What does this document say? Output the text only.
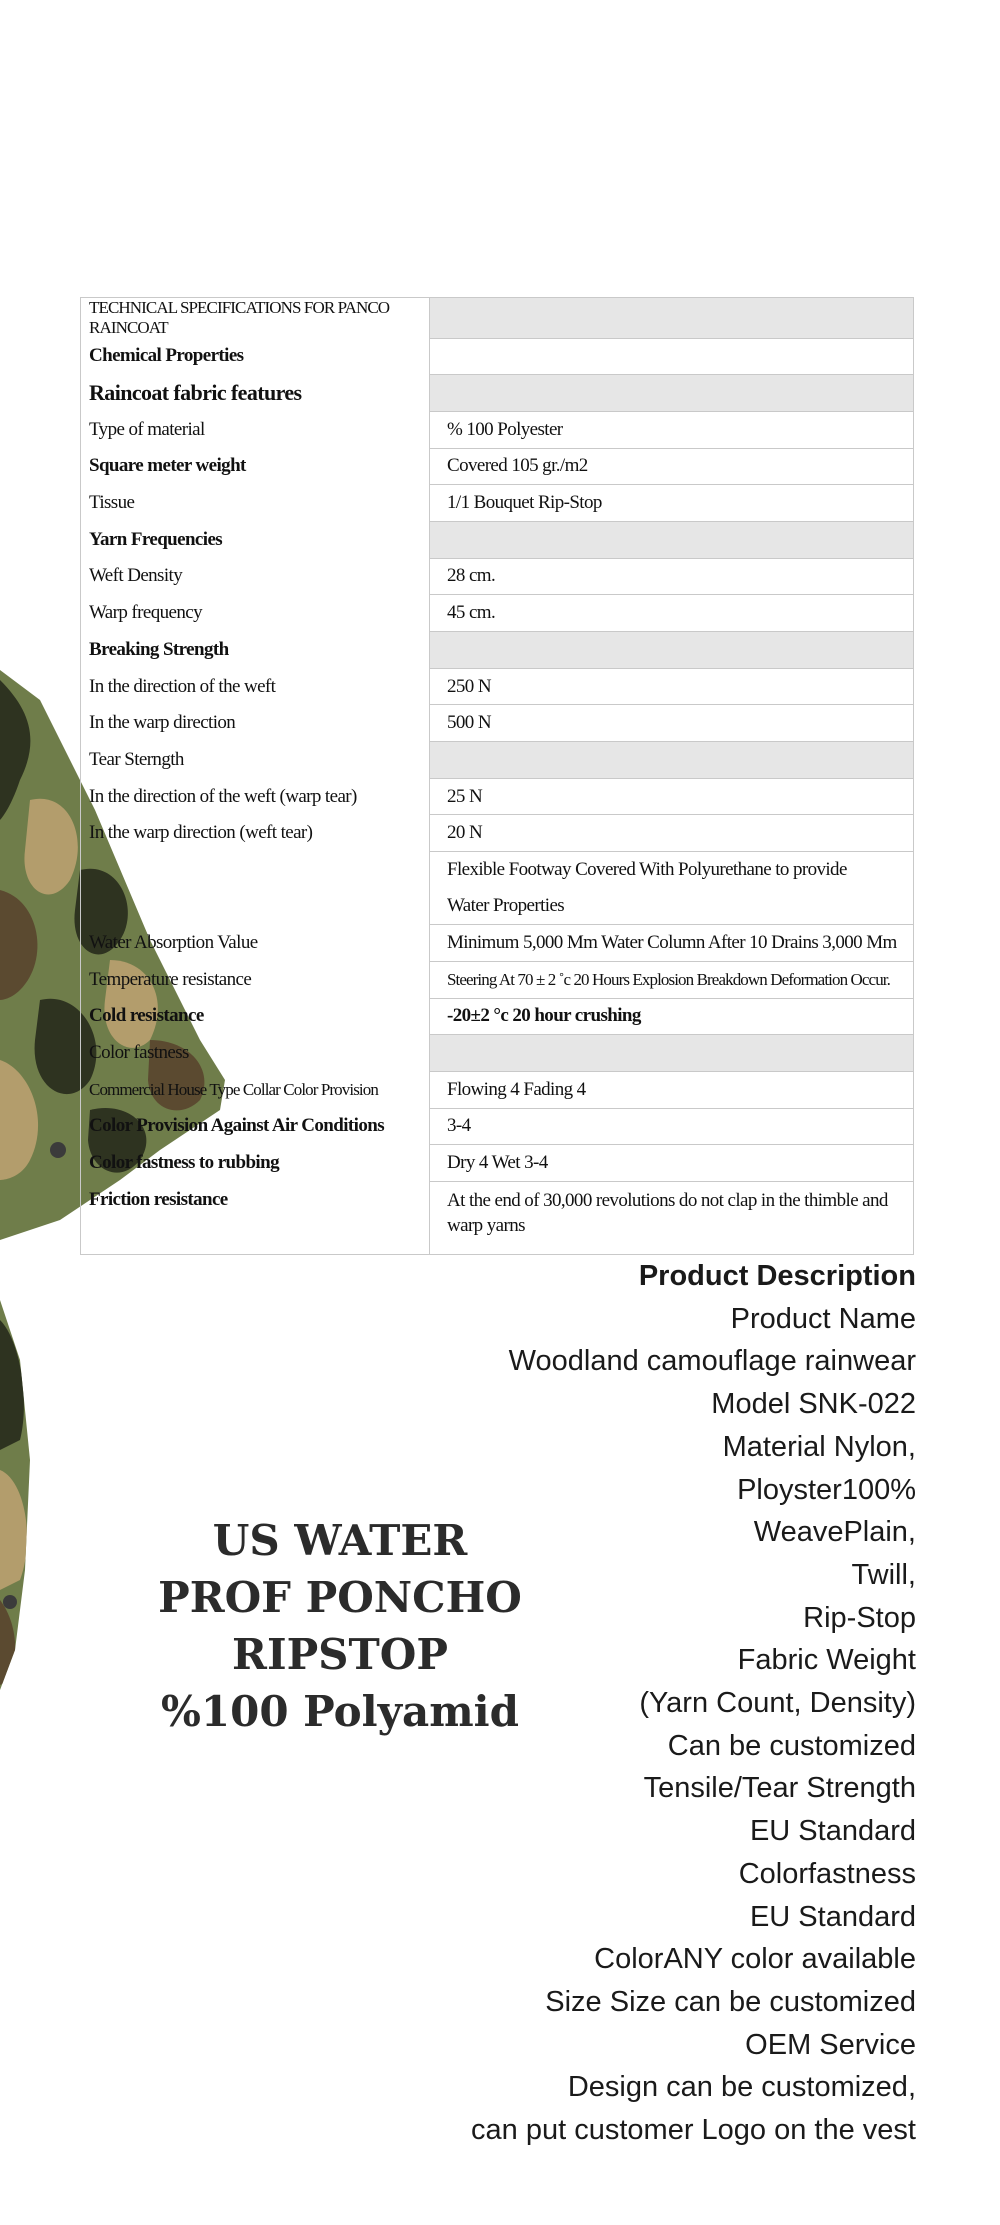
TECHNICAL SPECIFICATIONS FOR PANCO RAINCOAT	
Chemical Properties	
Raincoat fabric features	
Type of material	% 100 Polyester
Square meter weight	Covered 105 gr./m2
Tissue	1/1 Bouquet Rip-Stop
Yarn Frequencies	
Weft Density	28 cm.
Warp frequency	45 cm.
Breaking Strength	
In the direction of the weft	250 N
In the warp direction	500 N
Tear Sterngth	
In the direction of the weft (warp tear)	25 N
In the warp direction (weft tear)	20 N

	Flexible Footway Covered With Polyurethane to provide
Water Properties

Water Absorption Value	Minimum 5,000 Mm Water Column After 10 Drains 3,000 Mm
Temperature resistance	Steering At 70 ± 2 ˚c 20 Hours Explosion Breakdown Deformation Occur.
Cold resistance	-20±2 °c 20 hour crushing
Color fastness	
Commercial House Type Collar Color Provision	Flowing 4 Fading 4
Color Provision Against Air Conditions	3-4
Color fastness to rubbing	Dry 4 Wet 3-4
Friction resistance	At the end of 30,000 revolutions do not clap in the thimble and warp yarns
US WATER
PROF PONCHO
RIPSTOP
%100 Polyamid
Product Description
Product Name
Woodland camouflage rainwear
Model SNK-022
Material Nylon,
Ployster100%
WeavePlain,
Twill,
Rip-Stop
Fabric Weight
(Yarn Count, Density)
Can be customized
Tensile/Tear Strength
EU Standard
Colorfastness
EU Standard
ColorANY color available
Size Size can be customized
OEM Service
Design can be customized,
can put customer Logo on the vest
